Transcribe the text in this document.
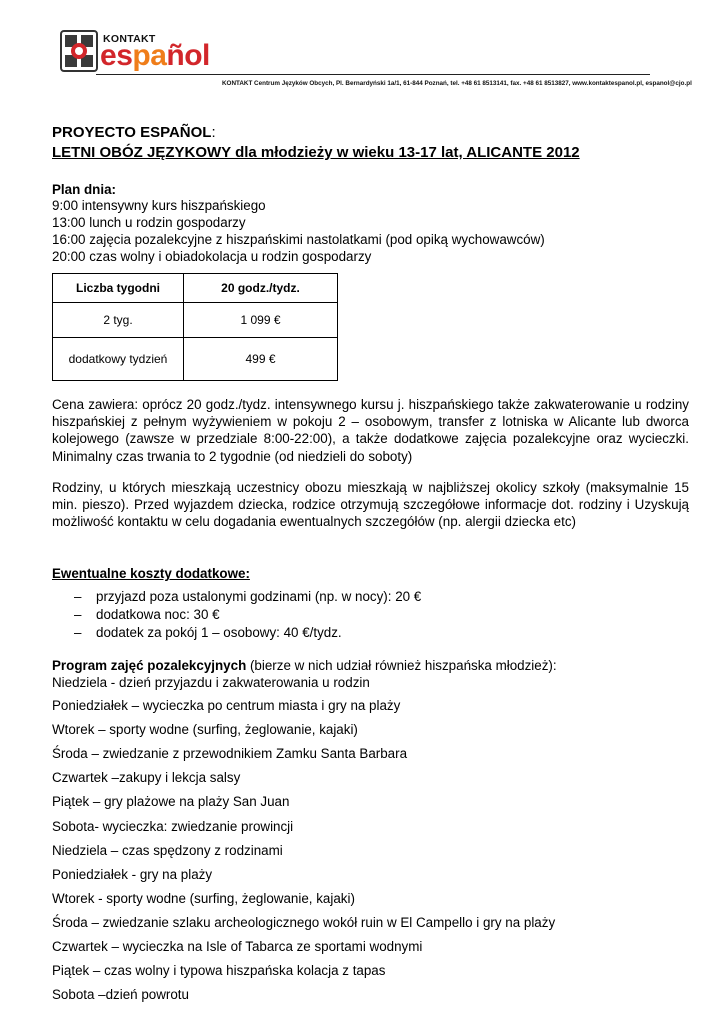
KONTAKT
español
KONTAKT Centrum Języków Obcych, Pl. Bernardyński 1a/1, 61-844 Poznań, tel. +48 61 8513141, fax. +48 61 8513827, www.kontaktespanol.pl, espanol@cjo.pl
PROYECTO ESPAÑOL:
LETNI OBÓZ JĘZYKOWY dla młodzieży w wieku 13-17 lat, ALICANTE 2012
Plan dnia:
9:00 intensywny kurs hiszpańskiego
13:00 lunch u rodzin gospodarzy
16:00 zajęcia pozalekcyjne z hiszpańskimi nastolatkami (pod opiką wychowawców)
20:00 czas wolny i obiadokolacja u rodzin gospodarzy
Liczba tygodni	20 godz./tydz.
2 tyg.	1 099 €
dodatkowy tydzień	499 €
Cena zawiera: oprócz 20 godz./tydz. intensywnego kursu j. hiszpańskiego także zakwaterowanie u rodziny hiszpańskiej z pełnym wyżywieniem w pokoju 2 – osobowym, transfer z lotniska w Alicante lub dworca kolejowego (zawsze w przedziale 8:00-22:00), a także dodatkowe zajęcia pozalekcyjne oraz wycieczki. Minimalny czas trwania to 2 tygodnie (od niedzieli do soboty)
Rodziny, u których mieszkają uczestnicy obozu mieszkają w najbliższej okolicy szkoły (maksymalnie 15 min. pieszo). Przed wyjazdem dziecka, rodzice otrzymują szczegółowe informacje dot. rodziny i Uzyskują możliwość kontaktu w celu dogadania ewentualnych szczegółów (np. alergii dziecka etc)
Ewentualne koszty dodatkowe:
– przyjazd poza ustalonymi godzinami (np. w nocy): 20 €
– dodatkowa noc: 30 €
– dodatek za pokój 1 – osobowy: 40 €/tydz.
Program zajęć pozalekcyjnych (bierze w nich udział również hiszpańska młodzież):
Niedziela - dzień przyjazdu i zakwaterowania u rodzin
Poniedziałek – wycieczka po centrum miasta i gry na plaży
Wtorek – sporty wodne (surfing, żeglowanie, kajaki)
Środa – zwiedzanie z przewodnikiem Zamku Santa Barbara
Czwartek –zakupy i lekcja salsy
Piątek – gry plażowe na plaży San Juan
Sobota- wycieczka: zwiedzanie prowincji
Niedziela – czas spędzony z rodzinami
Poniedziałek - gry na plaży
Wtorek - sporty wodne (surfing, żeglowanie, kajaki)
Środa – zwiedzanie szlaku archeologicznego wokół ruin w El Campello i gry na plaży
Czwartek – wycieczka na Isle of Tabarca ze sportami wodnymi
Piątek – czas wolny i typowa hiszpańska kolacja z tapas
Sobota –dzień powrotu
